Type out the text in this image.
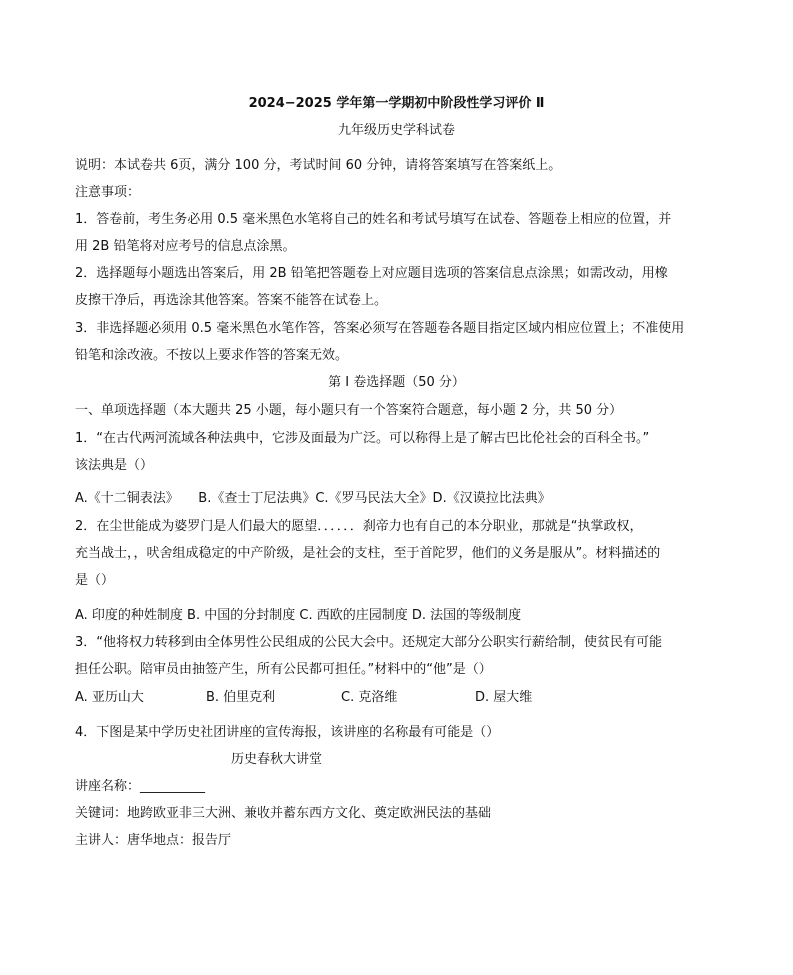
2024−2025 学年第一学期初中阶段性学习评价 Ⅱ
九年级历史学科试卷
说明：本试卷共 6页，满分 100 分，考试时间 60 分钟，请将答案填写在答案纸上。
注意事项：
1．答卷前，考生务必用 0.5 毫米黑色水笔将自己的姓名和考试号填写在试卷、答题卷上相应的位置，并
用 2B 铅笔将对应考号的信息点涂黑。
2．选择题每小题选出答案后，用 2B 铅笔把答题卷上对应题目选项的答案信息点涂黑；如需改动，用橡
皮擦干净后，再选涂其他答案。答案不能答在试卷上。
3．非选择题必须用 0.5 毫米黑色水笔作答，答案必须写在答题卷各题目指定区域内相应位置上；不准使用
铅笔和涂改液。不按以上要求作答的答案无效。
第 Ⅰ 卷选择题（50 分）
一、单项选择题（本大题共 25 小题，每小题只有一个答案符合题意，每小题 2 分，共 50 分）
1．“在古代两河流域各种法典中，它涉及面最为广泛。可以称得上是了解古巴比伦社会的百科全书。”
该法典是（）
A.《十二铜表法》　　B.《查士丁尼法典》C.《罗马民法大全》D.《汉谟拉比法典》
2．在尘世能成为婆罗门是人们最大的愿望．．．．．．刹帝力也有自己的本分职业，那就是“执掌政权，
充当战士，，吠舍组成稳定的中产阶级，是社会的支柱，至于首陀罗，他们的义务是服从”。材料描述的
是（）
A. 印度的种姓制度 B. 中国的分封制度 C. 西欧的庄园制度 D. 法国的等级制度
3．“他将权力转移到由全体男性公民组成的公民大会中。还规定大部分公职实行薪给制，使贫民有可能
担任公职。陪审员由抽签产生，所有公民都可担任。”材料中的“他”是（）
A. 亚历山大	B. 伯里克利	C. 克洛维	D. 屋大维
4．下图是某中学历史社团讲座的宣传海报，该讲座的名称最有可能是（）
历史春秋大讲堂
讲座名称：__________
关键词：地跨欧亚非三大洲、兼收并蓄东西方文化、奠定欧洲民法的基础
主讲人：唐华地点：报告厅
